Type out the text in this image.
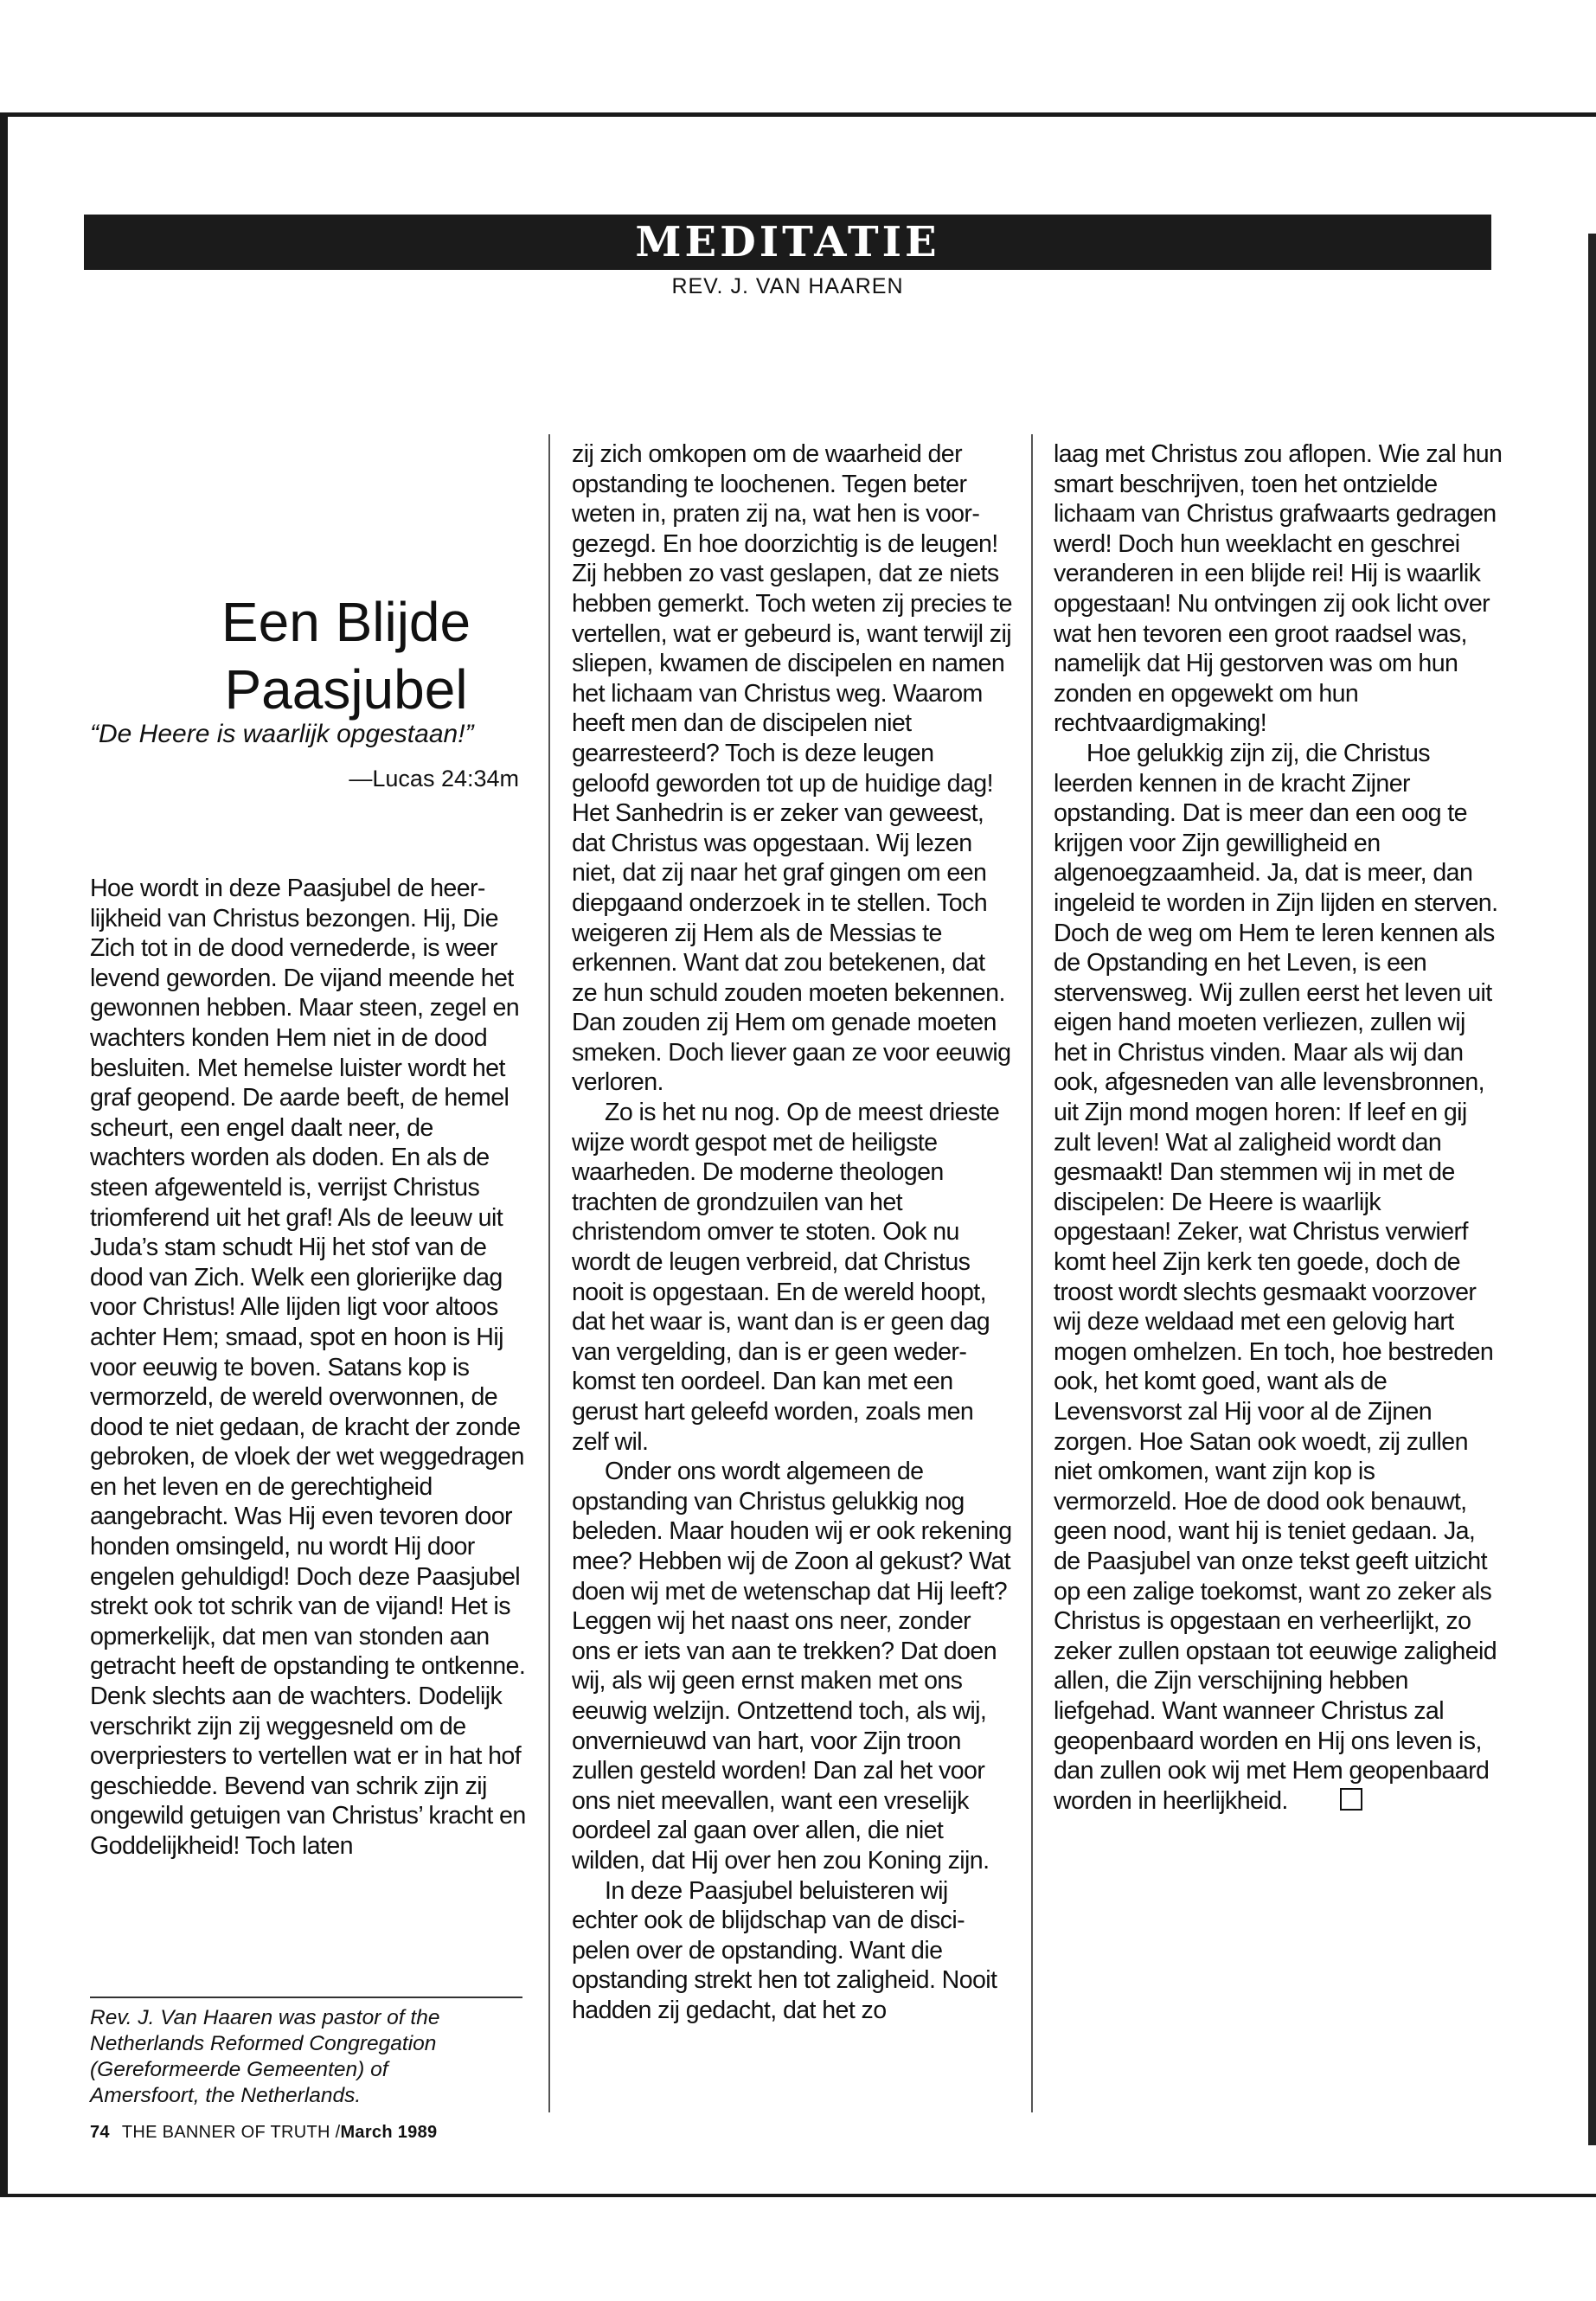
MEDITATIE
REV. J. VAN HAAREN
Een Blijde
Paasjubel
“De Heere is waarlijk opgestaan!”
—Lucas 24:34m

Hoe wordt in deze Paasjubel de heerlijkheid van Christus bezongen. Hij, Die Zich tot in de dood vernederde, is weer levend geworden. De vijand meende het gewonnen hebben. Maar steen, zegel en wachters konden Hem niet in de dood besluiten. Met hemelse luister wordt het graf geopend. De aarde beeft, de hemel scheurt, een engel daalt neer, de wachters worden als doden. En als de steen afgewenteld is, verrijst Christus triomferend uit het graf! Als de leeuw uit Juda’s stam schudt Hij het stof van de dood van Zich. Welk een glorierijke dag voor Christus! Alle lijden ligt voor altoos achter Hem; smaad, spot en hoon is Hij voor eeuwig te boven. Satans kop is vermorzeld, de wereld overwonnen, de dood te niet gedaan, de kracht der zonde gebroken, de vloek der wet weggedragen en het leven en de gerechtigheid aangebracht. Was Hij even tevoren door honden omsingeld, nu wordt Hij door engelen gehuldigd! Doch deze Paasjubel strekt ook tot schrik van de vijand! Het is opmerkelijk, dat men van stonden aan getracht heeft de opstanding te ontkenne. Denk slechts aan de wachters. Dodelijk verschrikt zijn zij weggesneld om de overpriesters to vertellen wat er in hat hof geschiedde. Bevend van schrik zijn zij ongewild getuigen van Christus’ kracht en Goddelijkheid! Toch laten

zij zich omkopen om de waarheid der opstanding te loochenen. Tegen beter weten in, praten zij na, wat hen is voorgezegd. En hoe doorzichtig is de leugen! Zij hebben zo vast geslapen, dat ze niets hebben gemerkt. Toch weten zij precies te vertellen, wat er gebeurd is, want terwijl zij sliepen, kwamen de discipelen en namen het lichaam van Christus weg. Waarom heeft men dan de discipelen niet gearresteerd? Toch is deze leugen geloofd geworden tot up de huidige dag! Het Sanhedrin is er zeker van geweest, dat Christus was opgestaan. Wij lezen niet, dat zij naar het graf gingen om een diepgaand onderzoek in te stellen. Toch weigeren zij Hem als de Messias te erkennen. Want dat zou betekenen, dat ze hun schuld zouden moeten bekennen. Dan zouden zij Hem om genade moeten smeken. Doch liever gaan ze voor eeuwig verloren.

Zo is het nu nog. Op de meest drieste wijze wordt gespot met de heiligste waarheden. De moderne theologen trachten de grondzuilen van het christendom omver te stoten. Ook nu wordt de leugen verbreid, dat Christus nooit is opgestaan. En de wereld hoopt, dat het waar is, want dan is er geen dag van vergelding, dan is er geen wederkomst ten oordeel. Dan kan met een gerust hart geleefd worden, zoals men zelf wil.

Onder ons wordt algemeen de opstanding van Christus gelukkig nog beleden. Maar houden wij er ook rekening mee? Hebben wij de Zoon al gekust? Wat doen wij met de wetenschap dat Hij leeft? Leggen wij het naast ons neer, zonder ons er iets van aan te trekken? Dat doen wij, als wij geen ernst maken met ons eeuwig welzijn. Ontzettend toch, als wij, onvernieuwd van hart, voor Zijn troon zullen gesteld worden! Dan zal het voor ons niet meevallen, want een vreselijk oordeel zal gaan over allen, die niet wilden, dat Hij over hen zou Koning zijn.

In deze Paasjubel beluisteren wij echter ook de blijdschap van de discipelen over de opstanding. Want die opstanding strekt hen tot zaligheid. Nooit hadden zij gedacht, dat het zo

laag met Christus zou aflopen. Wie zal hun smart beschrijven, toen het ontzielde lichaam van Christus grafwaarts gedragen werd! Doch hun weeklacht en geschrei veranderen in een blijde rei! Hij is waarlik opgestaan! Nu ontvingen zij ook licht over wat hen tevoren een groot raadsel was, namelijk dat Hij gestorven was om hun zonden en opgewekt om hun rechtvaardigmaking!

Hoe gelukkig zijn zij, die Christus leerden kennen in de kracht Zijner opstanding. Dat is meer dan een oog te krijgen voor Zijn gewilligheid en algenoegzaamheid. Ja, dat is meer, dan ingeleid te worden in Zijn lijden en sterven. Doch de weg om Hem te leren kennen als de Opstanding en het Leven, is een stervensweg. Wij zullen eerst het leven uit eigen hand moeten verliezen, zullen wij het in Christus vinden. Maar als wij dan ook, afgesneden van alle levensbronnen, uit Zijn mond mogen horen: If leef en gij zult leven! Wat al zaligheid wordt dan gesmaakt! Dan stemmen wij in met de discipelen: De Heere is waarlijk opgestaan! Zeker, wat Christus verwierf komt heel Zijn kerk ten goede, doch de troost wordt slechts gesmaakt voorzover wij deze weldaad met een gelovig hart mogen omhelzen. En toch, hoe bestreden ook, het komt goed, want als de Levensvorst zal Hij voor al de Zijnen zorgen. Hoe Satan ook woedt, zij zullen niet omkomen, want zijn kop is vermorzeld. Hoe de dood ook benauwt, geen nood, want hij is teniet gedaan. Ja, de Paasjubel van onze tekst geeft uitzicht op een zalige toekomst, want zo zeker als Christus is opgestaan en verheerlijkt, zo zeker zullen opstaan tot eeuwige zaligheid allen, die Zijn verschijning hebben liefgehad. Want wanneer Christus zal geopenbaard worden en Hij ons leven is, dan zullen ook wij met Hem geopenbaard worden in heerlijkheid.

Rev. J. Van Haaren was pastor of the Netherlands Reformed Congregation (Gereformeerde Gemeenten) of Amersfoort, the Netherlands.

74 THE BANNER OF TRUTH /March 1989
